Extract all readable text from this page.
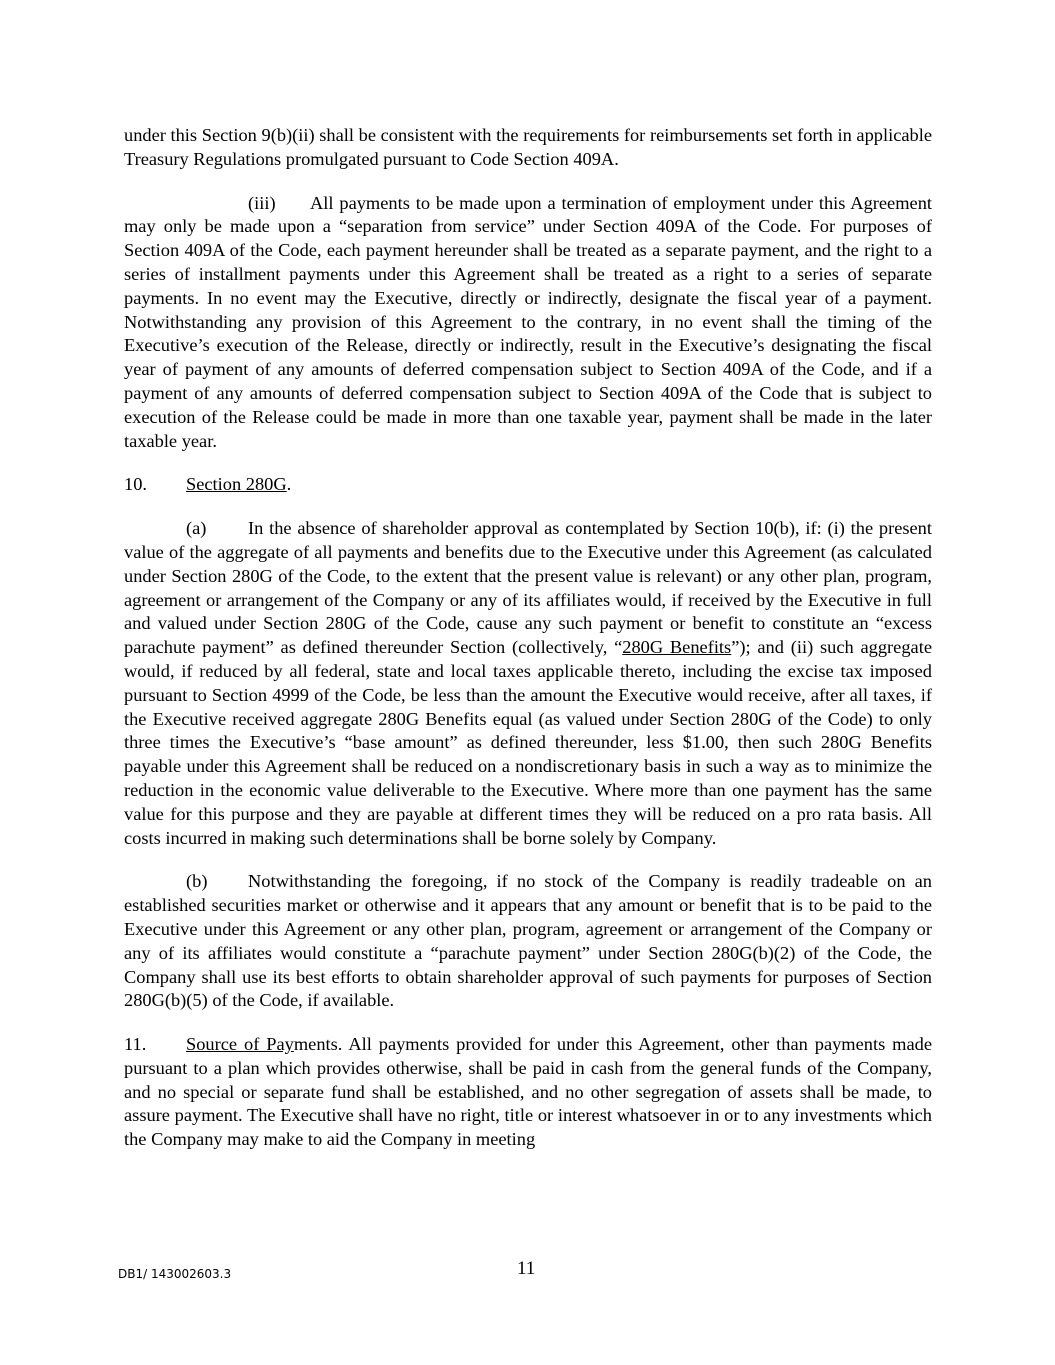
under this Section 9(b)(ii) shall be consistent with the requirements for reimbursements set forth in applicable Treasury Regulations promulgated pursuant to Code Section 409A.

(iii) All payments to be made upon a termination of employment under this Agreement may only be made upon a “separation from service” under Section 409A of the Code. For purposes of Section 409A of the Code, each payment hereunder shall be treated as a separate payment, and the right to a series of installment payments under this Agreement shall be treated as a right to a series of separate payments. In no event may the Executive, directly or indirectly, designate the fiscal year of a payment. Notwithstanding any provision of this Agreement to the contrary, in no event shall the timing of the Executive’s execution of the Release, directly or indirectly, result in the Executive’s designating the fiscal year of payment of any amounts of deferred compensation subject to Section 409A of the Code, and if a payment of any amounts of deferred compensation subject to Section 409A of the Code that is subject to execution of the Release could be made in more than one taxable year, payment shall be made in the later taxable year.

10. Section 280G.

(a) In the absence of shareholder approval as contemplated by Section 10(b), if: (i) the present value of the aggregate of all payments and benefits due to the Executive under this Agreement (as calculated under Section 280G of the Code, to the extent that the present value is relevant) or any other plan, program, agreement or arrangement of the Company or any of its affiliates would, if received by the Executive in full and valued under Section 280G of the Code, cause any such payment or benefit to constitute an “excess parachute payment” as defined thereunder Section (collectively, “280G Benefits”); and (ii) such aggregate would, if reduced by all federal, state and local taxes applicable thereto, including the excise tax imposed pursuant to Section 4999 of the Code, be less than the amount the Executive would receive, after all taxes, if the Executive received aggregate 280G Benefits equal (as valued under Section 280G of the Code) to only three times the Executive’s “base amount” as defined thereunder, less $1.00, then such 280G Benefits payable under this Agreement shall be reduced on a nondiscretionary basis in such a way as to minimize the reduction in the economic value deliverable to the Executive. Where more than one payment has the same value for this purpose and they are payable at different times they will be reduced on a pro rata basis. All costs incurred in making such determinations shall be borne solely by Company.

(b) Notwithstanding the foregoing, if no stock of the Company is readily tradeable on an established securities market or otherwise and it appears that any amount or benefit that is to be paid to the Executive under this Agreement or any other plan, program, agreement or arrangement of the Company or any of its affiliates would constitute a “parachute payment” under Section 280G(b)(2) of the Code, the Company shall use its best efforts to obtain shareholder approval of such payments for purposes of Section 280G(b)(5) of the Code, if available.

11. Source of Payments. All payments provided for under this Agreement, other than payments made pursuant to a plan which provides otherwise, shall be paid in cash from the general funds of the Company, and no special or separate fund shall be established, and no other segregation of assets shall be made, to assure payment. The Executive shall have no right, title or interest whatsoever in or to any investments which the Company may make to aid the Company in meeting

DB1/ 143002603.3	11
